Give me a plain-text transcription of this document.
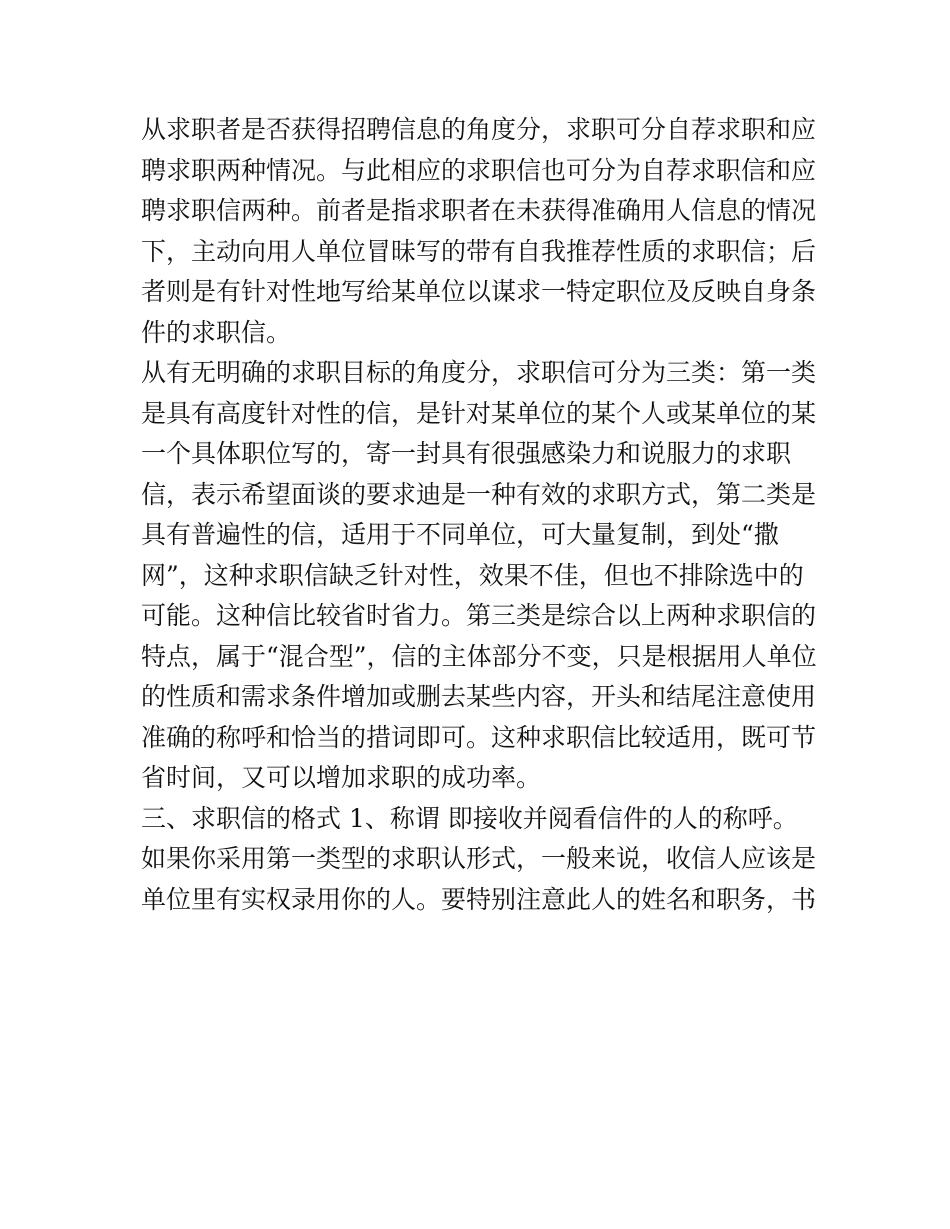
从求职者是否获得招聘信息的角度分，求职可分自荐求职和应
聘求职两种情况。与此相应的求职信也可分为自荐求职信和应
聘求职信两种。前者是指求职者在未获得准确用人信息的情况
下，主动向用人单位冒昧写的带有自我推荐性质的求职信；后
者则是有针对性地写给某单位以谋求一特定职位及反映自身条
件的求职信。
从有无明确的求职目标的角度分，求职信可分为三类：第一类
是具有高度针对性的信，是针对某单位的某个人或某单位的某
一个具体职位写的，寄一封具有很强感染力和说服力的求职
信，表示希望面谈的要求迪是一种有效的求职方式，第二类是
具有普遍性的信，适用于不同单位，可大量复制，到处“撒
网”，这种求职信缺乏针对性，效果不佳，但也不排除选中的
可能。这种信比较省时省力。第三类是综合以上两种求职信的
特点，属于“混合型”，信的主体部分不变，只是根据用人单位
的性质和需求条件增加或删去某些内容，开头和结尾注意使用
准确的称呼和恰当的措词即可。这种求职信比较适用，既可节
省时间，又可以增加求职的成功率。
三、求职信的格式 1、称谓 即接收并阅看信件的人的称呼。
如果你采用第一类型的求职认形式，一般来说，收信人应该是
单位里有实权录用你的人。要特别注意此人的姓名和职务，书
